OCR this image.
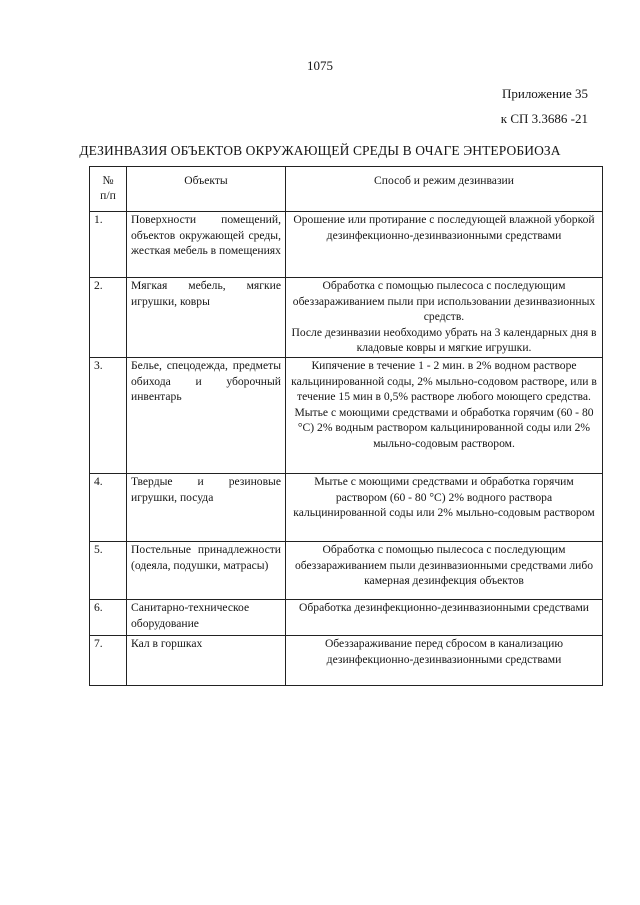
1075
Приложение 35
к СП 3.3686 -21
ДЕЗИНВАЗИЯ ОБЪЕКТОВ ОКРУЖАЮЩЕЙ СРЕДЫ В ОЧАГЕ ЭНТЕРОБИОЗА
№
п/п	Объекты	Способ и режим дезинвазии

1.	Поверхности помещений, объектов окружающей среды, жесткая мебель в помещениях	Орошение или протирание с последующей влажной уборкой дезинфекционно-дезинвазионными средствами

2.	Мягкая мебель, мягкие игрушки, ковры	Обработка с помощью пылесоса с последующим обеззараживанием пыли при использовании дезинвазионных средств.
После дезинвазии необходимо убрать на 3 календарных дня в кладовые ковры и мягкие игрушки.

3.	Белье, спецодежда, предметы обихода и уборочный инвентарь	Кипячение в течение 1 - 2 мин. в 2% водном растворе кальцинированной соды, 2% мыльно-содовом растворе, или в течение 15 мин в 0,5% растворе любого моющего средства.
Мытье с моющими средствами и обработка горячим (60 - 80 °С) 2% водным раствором кальцинированной соды или 2% мыльно-содовым раствором.

4.	Твердые и резиновые игрушки, посуда	Мытье с моющими средствами и обработка горячим раствором (60 - 80 °С) 2% водного раствора кальцинированной соды или 2% мыльно-содовым раствором

5.	Постельные принадлежности (одеяла, подушки, матрасы)	Обработка с помощью пылесоса с последующим обеззараживанием пыли дезинвазионными средствами либо камерная дезинфекция объектов

6.	Санитарно-техническое оборудование	Обработка дезинфекционно-дезинвазионными средствами

7.	Кал в горшках	Обеззараживание перед сбросом в канализацию дезинфекционно-дезинвазионными средствами
